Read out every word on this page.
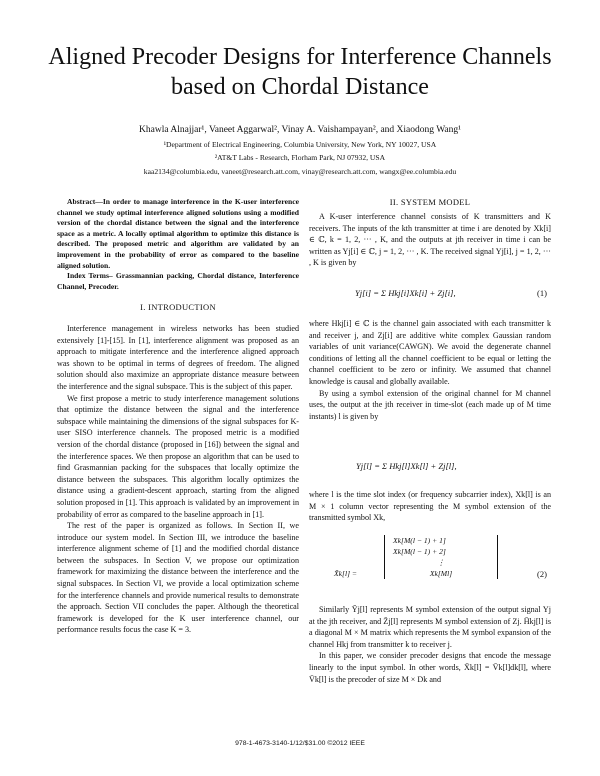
Aligned Precoder Designs for Interference Channels
based on Chordal Distance
Khawla Alnajjar¹, Vaneet Aggarwal², Vinay A. Vaishampayan², and Xiaodong Wang¹
¹Department of Electrical Engineering, Columbia University, New York, NY 10027, USA
²AT&T Labs - Research, Florham Park, NJ 07932, USA
kaa2134@columbia.edu, vaneet@research.att.com, vinay@research.att.com, wangx@ee.columbia.edu

Abstract—In order to manage interference in the K-user interference channel we study optimal interference aligned solutions using a modified version of the chordal distance between the signal and the interference space as a metric. A locally optimal algorithm to optimize this distance is described. The proposed metric and algorithm are validated by an improvement in the probability of error as compared to the baseline aligned solution.

Index Terms– Grassmannian packing, Chordal distance, Interference Channel, Precoder.

I. INTRODUCTION

Interference management in wireless networks has been studied extensively [1]-[15]. In [1], interference alignment was proposed as an approach to mitigate interference and the interference aligned approach was shown to be optimal in terms of degrees of freedom. The aligned solution should also maximize an appropriate distance measure between the interference and the signal subspace. This is the subject of this paper.

We first propose a metric to study interference management solutions that optimize the distance between the signal and the interference subspace while maintaining the dimensions of the signal subspaces for K-user SISO interference channels. The proposed metric is a modified version of the chordal distance (proposed in [16]) between the signal and the interference spaces. We then propose an algorithm that can be used to find Grasmannian packing for the subspaces that locally optimize the distance between the subspaces. This algorithm locally optimizes the distance using a gradient-descent approach, starting from the aligned solution proposed in [1]. This approach is validated by an improvement in probability of error as compared to the baseline approach in [1].

The rest of the paper is organized as follows. In Section II, we introduce our system model. In Section III, we introduce the baseline interference alignment scheme of [1] and the modified chordal distance between the subspaces. In Section V, we propose our optimization framework for maximizing the distance between the interference and the signal subspaces. In Section VI, we provide a local optimization scheme for the interference channels and provide numerical results to demonstrate the approach. Section VII concludes the paper. Although the theoretical framework is developed for the K user interference channel, our performance results focus the case K = 3.

II. SYSTEM MODEL

A K-user interference channel consists of K transmitters and K receivers. The inputs of the kth transmitter at time i are denoted by Xk[i] ∈ ℂ, k = 1, 2, ··· , K, and the outputs at jth receiver in time i can be written as Yj[i] ∈ ℂ, j = 1, 2, ··· , K. The received signal Yj[i], j = 1, 2, ··· , K is given by

Yj[i] = Σ Hkj[i]Xk[i] + Zj[i],	(1)

where Hkj[i] ∈ ℂ is the channel gain associated with each transmitter k and receiver j, and Zj[i] are additive white complex Gaussian random variables of unit variance(CAWGN). We avoid the degenerate channel conditions of letting all the channel coefficient to be equal or letting the channel coefficient to be zero or infinity. We assumed that channel knowledge is causal and globally available.

By using a symbol extension of the original channel for M channel uses, the output at the jth receiver in time-slot (each made up of M time instants) l is given by

Yj[l] = Σ Hkj[l]Xk[l] + Zj[l],

where l is the time slot index (or frequency subcarrier index), Xk[l] is an M × 1 column vector representing the M symbol extension of the transmitted symbol Xk,

X̄k[l] =
Xk[M(l − 1) + 1]
Xk[M(l − 1) + 2]
⋮
Xk[Ml]	(2)

Similarly Ȳj[l] represents M symbol extension of the output signal Yj at the jth receiver, and Z̄j[l] represents M symbol extension of Zj. H̄kj[l] is a diagonal M × M matrix which represents the M symbol expansion of the channel Hkj from transmitter k to receiver j.

In this paper, we consider precoder designs that encode the message linearly to the input symbol. In other words, X̄k[l] = V̄k[l]dk[l], where V̄k[l] is the precoder of size M × Dk and

978-1-4673-3140-1/12/$31.00 ©2012 IEEE
